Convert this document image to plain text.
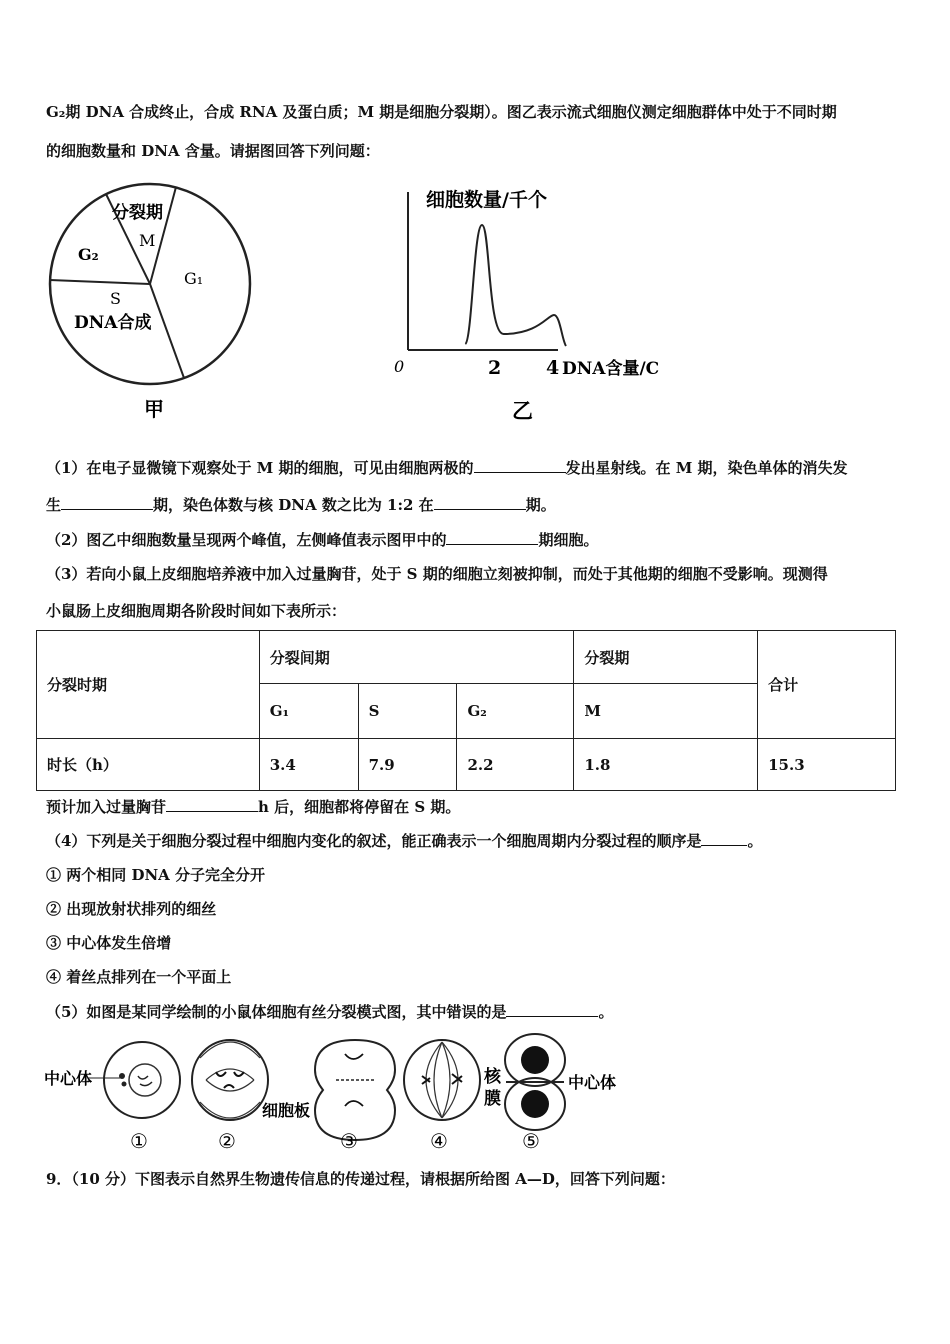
G₂期 DNA 合成终止，合成 RNA 及蛋白质；M 期是细胞分裂期）。图乙表示流式细胞仪测定细胞群体中处于不同时期
的细胞数量和 DNA 含量。请据图回答下列问题：
分裂期
M
G₂
G₁
S
DNA合成
甲
细胞数量/千个
0	2 4 DNA含量/C
乙
（1）在电子显微镜下观察处于 M 期的细胞，可见由细胞两极的	发出星射线。在 M 期，染色单体的消失发
生	期，染色体数与核 DNA 数之比为 1:2 在	期。
（2）图乙中细胞数量呈现两个峰值，左侧峰值表示图甲中的	期细胞。
（3）若向小鼠上皮细胞培养液中加入过量胸苷，处于 S 期的细胞立刻被抑制，而处于其他期的细胞不受影响。现测得
小鼠肠上皮细胞周期各阶段时间如下表所示：
分裂时期	分裂间期			分裂期	合计
	G₁	S	G₂	M	
时长（h）	3.4	7.9	2.2	1.8	15.3
预计加入过量胸苷	h 后，细胞都将停留在 S 期。
（4）下列是关于细胞分裂过程中细胞内变化的叙述，能正确表示一个细胞周期内分裂过程的顺序是	。
① 两个相同 DNA 分子完全分开
② 出现放射状排列的细丝
③ 中心体发生倍增
④ 着丝点排列在一个平面上
（5）如图是某同学绘制的小鼠体细胞有丝分裂模式图，其中错误的是	。
中心体
①	②
细胞板
③
核
膜
④
中心体
⑤
9．（10 分）下图表示自然界生物遗传信息的传递过程，请根据所给图 A—D，回答下列问题：
